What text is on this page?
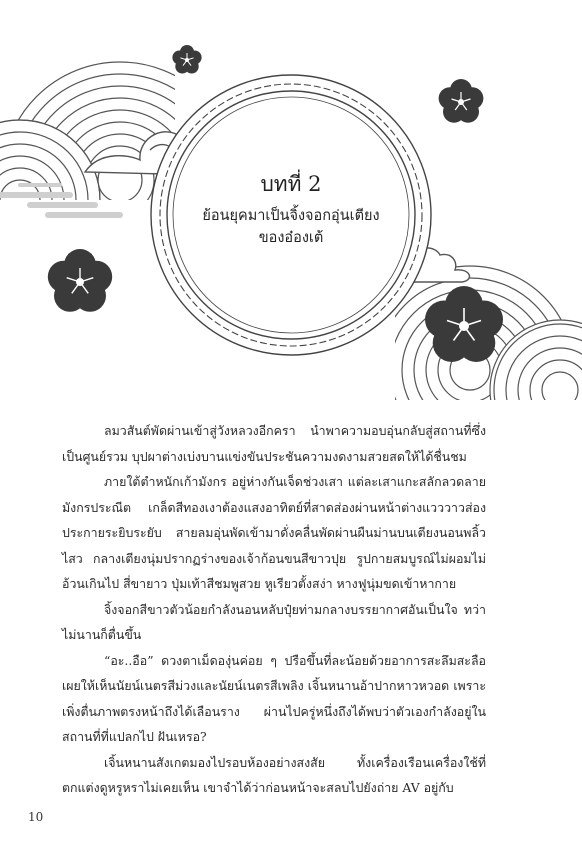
บทที่ 2
ย้อนยุคมาเป็นจิ้งจอกอุ่นเตียง
ของอ๋องเต้

ลมวสันต์พัดผ่านเข้าสู่วังหลวงอีกครา นำพาความอบอุ่นกลับสู่สถานที่ซึ่งเป็นศูนย์รวม บุปผาต่างเบ่งบานแข่งขันประชันความงดงามสวยสดให้ได้ชื่นชม

ภายใต้ตำหนักเก้ามังกร อยู่ห่างกันเจ็ดช่วงเสา แต่ละเสาแกะสลักลวดลายมังกรประณีต เกล็ดสีทองเงาต้องแสงอาทิตย์ที่สาดส่องผ่านหน้าต่างแวววาวส่องประกายระยิบระยับ สายลมอุ่นพัดเข้ามาดั่งคลื่นพัดผ่านผืนม่านบนเตียงนอนพลิ้วไสว กลางเตียงนุ่มปรากฏร่างของเจ้าก้อนขนสีขาวปุย รูปกายสมบูรณ์ไม่ผอมไม่อ้วนเกินไป สี่ขายาว ปุ่มเท้าสีชมพูสวย หูเรียวตั้งสง่า หางฟูนุ่มขดเข้าหากาย

จิ้งจอกสีขาวตัวน้อยกำลังนอนหลับปุ๋ยท่ามกลางบรรยากาศอันเป็นใจ ทว่าไม่นานก็ตื่นขึ้น

“อะ..อือ” ดวงตาเม็ดองุ่นค่อย ๆ ปรือขึ้นที่ละน้อยด้วยอาการสะลึมสะลือ เผยให้เห็นนัยน์เนตรสีม่วงและนัยน์เนตรสีเพลิง เจิ้นหนานอ้าปากหาวหวอด เพราะเพิ่งตื่นภาพตรงหน้าถึงได้เลือนราง ผ่านไปครู่หนึ่งถึงได้พบว่าตัวเองกำลังอยู่ในสถานที่ที่แปลกไป ฝันเหรอ?

เจิ้นหนานสังเกตมองไปรอบห้องอย่างสงสัย ทั้งเครื่องเรือนเครื่องใช้ที่ตกแต่งดูหรูหราไม่เคยเห็น เขาจำได้ว่าก่อนหน้าจะสลบไปยังถ่าย AV อยู่กับ

10
